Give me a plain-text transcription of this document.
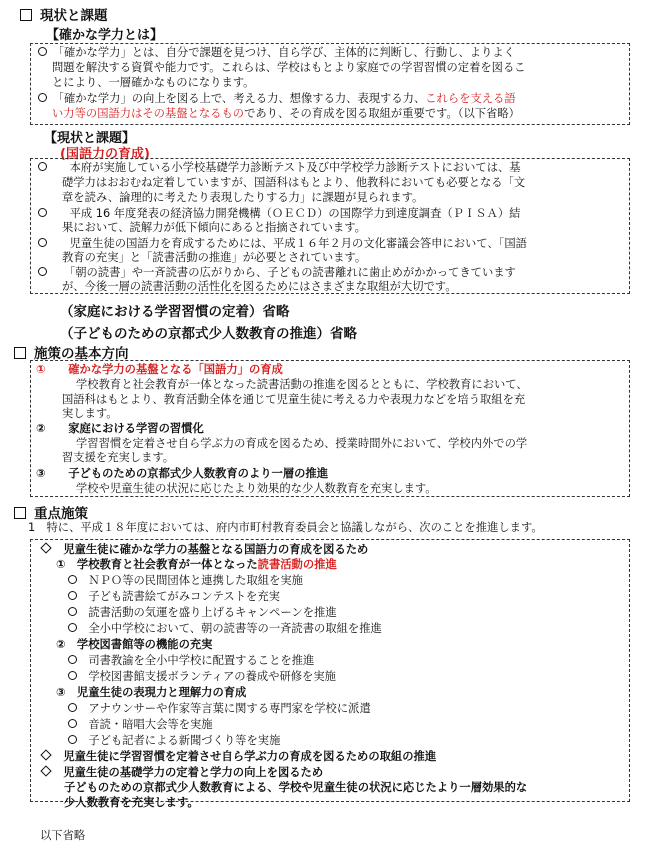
現状と課題
【確かな学力とは】
　「確かな学力」とは、自分で課題を見つけ、自ら学び、主体的に判断し、行動し、よりよく
問題を解決する資質や能力です。これらは、学校はもとより家庭での学習習慣の定着を図るこ
とにより、一層確かなものになります。
　「確かな学力」の向上を図る上で、考える力、想像する力、表現する力、これらを支える語
い力等の国語力はその基盤となるものであり、その育成を図る取組が重要です。（以下省略）
【現状と課題】
(国語力の育成)
　　本府が実施している小学校基礎学力診断テスト及び中学校学力診断テストにおいては、基
礎学力はおおむね定着していますが、国語科はもとより、他教科においても必要となる「文
章を読み、論理的に考えたり表現したりする力」に課題が見られます。
　　平成 16 年度発表の経済協力開発機構（ＯＥＣＤ）の国際学力到達度調査（ＰＩＳＡ）結
果において、読解力が低下傾向にあると指摘されています。
　　児童生徒の国語力を育成するためには、平成１６年２月の文化審議会答申において、「国語
教育の充実」と「読書活動の推進」が必要とされています。
　　「朝の読書」や一斉読書の広がりから、子どもの読書離れに歯止めがかかってきています
が、今後一層の読書活動の活性化を図るためにはさまざまな取組が大切です。
（家庭における学習習慣の定着）省略
（子どものための京都式少人数教育の推進）省略
施策の基本方向
①　　 確かな学力の基盤となる「国語力」の育成
学校教育と社会教育が一体となった読書活動の推進を図るとともに、学校教育において、
国語科はもとより、教育活動全体を通じて児童生徒に考える力や表現力などを培う取組を充
実します。
②　　 家庭における学習の習慣化
学習習慣を定着させ自ら学ぶ力の育成を図るため、授業時間外において、学校内外での学
習支援を充実します。
③　　 子どものための京都式少人数教育のより一層の推進
学校や児童生徒の状況に応じたより効果的な少人数教育を充実します。
重点施策
1　特に、平成１８年度においては、府内市町村教育委員会と協議しながら、次のことを推進します。
　児童生徒に確かな学力の基盤となる国語力の育成を図るため
①　 学校教育と社会教育が一体となった読書活動の推進
　ＮＰＯ等の民間団体と連携した取組を実施
　子ども読書絵てがみコンテストを充実
　読書活動の気運を盛り上げるキャンペーンを推進
　全小中学校において、朝の読書等の一斉読書の取組を推進
②　 学校図書館等の機能の充実
　司書教諭を全小中学校に配置することを推進
　学校図書館支援ボランティアの養成や研修を実施
③　 児童生徒の表現力と理解力の育成
　アナウンサーや作家等言葉に関する専門家を学校に派遣
　音読・暗唱大会等を実施
　子ども記者による新聞づくり等を実施
　児童生徒に学習習慣を定着させ自ら学ぶ力の育成を図るための取組の推進
　児童生徒の基礎学力の定着と学力の向上を図るため
子どものための京都式少人数教育による、学校や児童生徒の状況に応じたより一層効果的な
少人数教育を充実します。
以下省略
